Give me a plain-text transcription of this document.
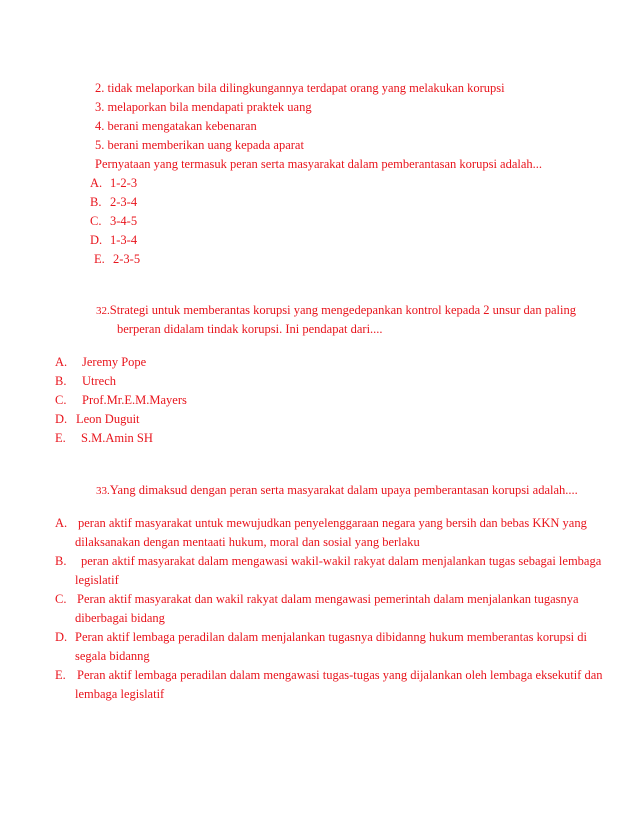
2. tidak melaporkan bila dilingkungannya terdapat orang yang melakukan korupsi
3. melaporkan bila mendapati praktek uang
4. berani mengatakan kebenaran
5. berani memberikan uang kepada aparat
Pernyataan yang termasuk peran serta masyarakat dalam pemberantasan korupsi adalah...
A. 1-2-3
B. 2-3-4
C. 3-4-5
D. 1-3-4
E. 2-3-5
32.Strategi untuk memberantas korupsi yang mengedepankan kontrol kepada 2 unsur dan paling
berperan didalam tindak korupsi. Ini pendapat dari....
A. Jeremy Pope
B. Utrech
C. Prof.Mr.E.M.Mayers
D. Leon Duguit
E. S.M.Amin SH
33.Yang dimaksud dengan peran serta masyarakat dalam upaya pemberantasan korupsi adalah....
A. peran aktif masyarakat untuk mewujudkan penyelenggaraan negara yang bersih dan bebas KKN yang
dilaksanakan dengan mentaati hukum, moral dan sosial yang berlaku
B. peran aktif masyarakat dalam mengawasi wakil-wakil rakyat dalam menjalankan tugas sebagai lembaga
legislatif
C. Peran aktif masyarakat dan wakil rakyat dalam mengawasi pemerintah dalam menjalankan tugasnya
diberbagai bidang
D. Peran aktif lembaga peradilan dalam menjalankan tugasnya dibidanng hukum memberantas korupsi di
segala bidanng
E. Peran aktif lembaga peradilan dalam mengawasi tugas-tugas yang dijalankan oleh lembaga eksekutif dan
lembaga legislatif
